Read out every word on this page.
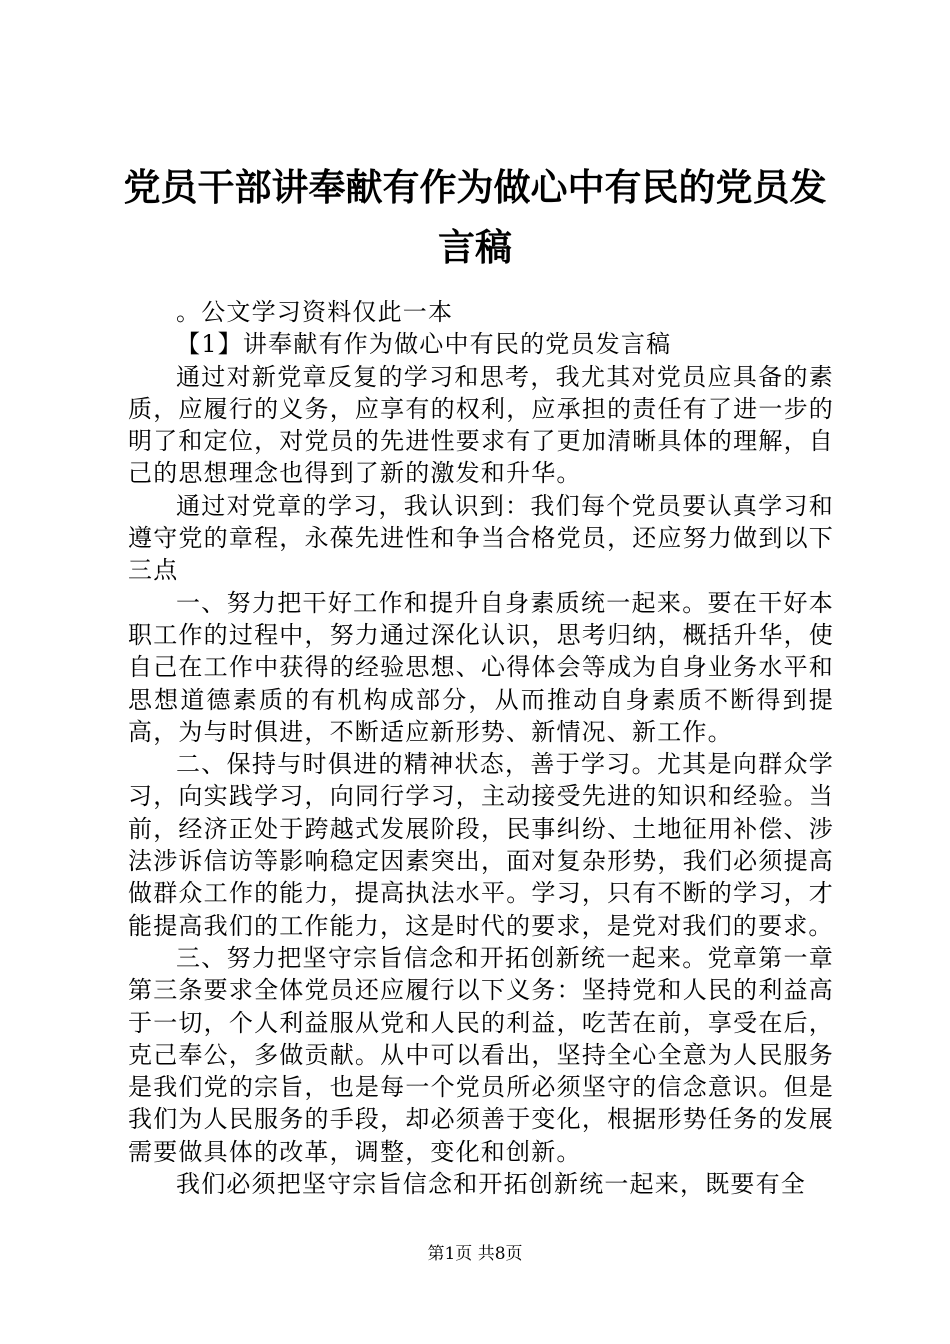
党员干部讲奉献有作为做心中有民的党员发言稿

。公文学习资料仅此一本

【1】讲奉献有作为做心中有民的党员发言稿

通过对新党章反复的学习和思考，我尤其对党员应具备的素质，应履行的义务，应享有的权利，应承担的责任有了进一步的明了和定位，对党员的先进性要求有了更加清晰具体的理解，自己的思想理念也得到了新的激发和升华。

通过对党章的学习，我认识到：我们每个党员要认真学习和遵守党的章程，永葆先进性和争当合格党员，还应努力做到以下三点

一、努力把干好工作和提升自身素质统一起来。要在干好本职工作的过程中，努力通过深化认识，思考归纳，概括升华，使自己在工作中获得的经验思想、心得体会等成为自身业务水平和思想道德素质的有机构成部分，从而推动自身素质不断得到提高，为与时俱进，不断适应新形势、新情况、新工作。

二、保持与时俱进的精神状态，善于学习。尤其是向群众学习，向实践学习，向同行学习，主动接受先进的知识和经验。当前，经济正处于跨越式发展阶段，民事纠纷、土地征用补偿、涉法涉诉信访等影响稳定因素突出，面对复杂形势，我们必须提高做群众工作的能力，提高执法水平。学习，只有不断的学习，才能提高我们的工作能力，这是时代的要求，是党对我们的要求。

三、努力把坚守宗旨信念和开拓创新统一起来。党章第一章第三条要求全体党员还应履行以下义务：坚持党和人民的利益高于一切，个人利益服从党和人民的利益，吃苦在前，享受在后，克己奉公，多做贡献。从中可以看出，坚持全心全意为人民服务是我们党的宗旨，也是每一个党员所必须坚守的信念意识。但是我们为人民服务的手段，却必须善于变化，根据形势任务的发展需要做具体的改革，调整，变化和创新。

我们必须把坚守宗旨信念和开拓创新统一起来，既要有全

第1页 共8页
